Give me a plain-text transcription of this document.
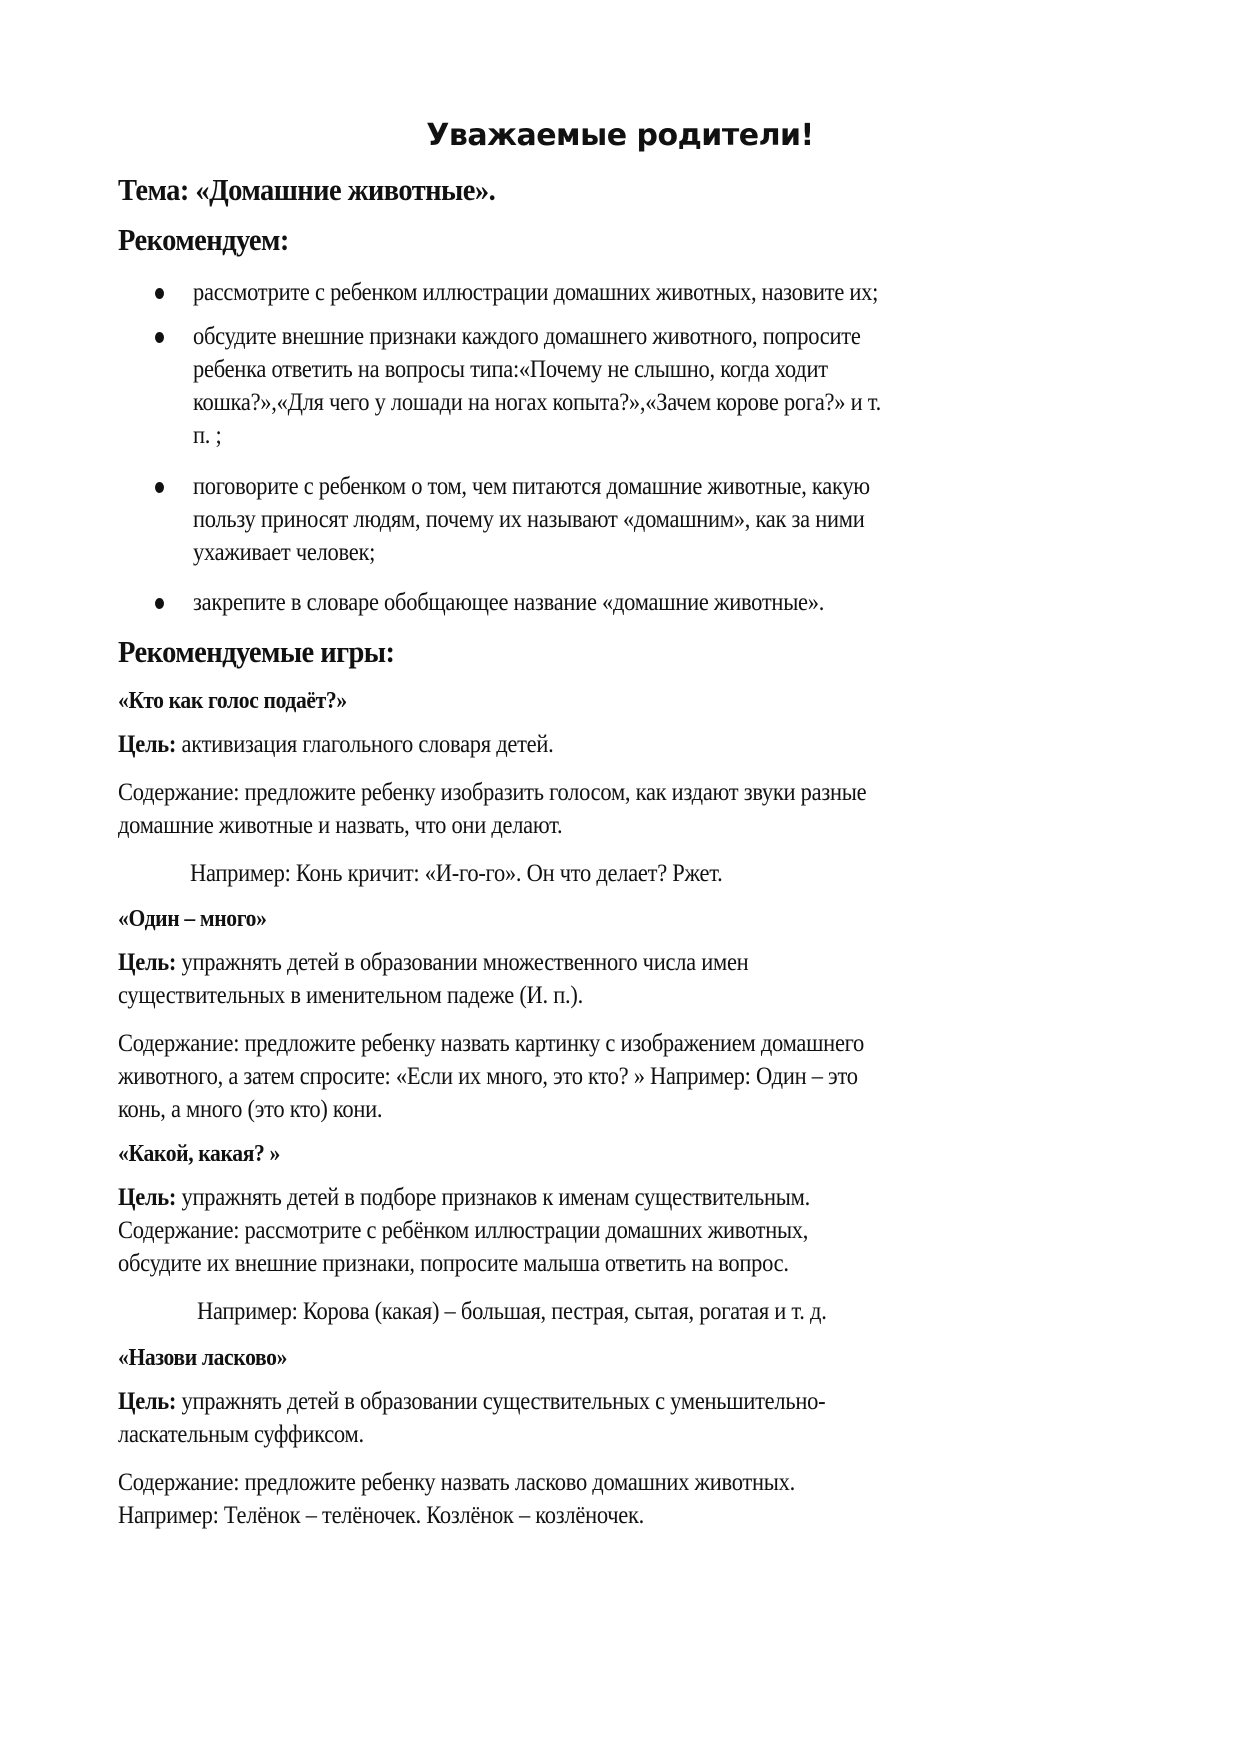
Уважаемые родители!
Тема: «Домашние животные».
Рекомендуем:
рассмотрите с ребенком иллюстрации домашних животных, назовите их;
обсудите внешние признаки каждого домашнего животного, попросите
ребенка ответить на вопросы типа:«Почему не слышно, когда ходит
кошка?»,«Для чего у лошади на ногах копыта?»,«Зачем корове рога?» и т.
п. ;
поговорите с ребенком о том, чем питаются домашние животные, какую
пользу приносят людям, почему их называют «домашним», как за ними
ухаживает человек;
закрепите в словаре обобщающее название «домашние животные».
Рекомендуемые игры:
«Кто как голос подаёт?»
Цель: активизация глагольного словаря детей.
Содержание: предложите ребенку изобразить голосом, как издают звуки разные
домашние животные и назвать, что они делают.
Например: Конь кричит: «И-го-го». Он что делает? Ржет.
«Один – много»
Цель: упражнять детей в образовании множественного числа имен
существительных в именительном падеже (И. п.).
Содержание: предложите ребенку назвать картинку с изображением домашнего
животного, а затем спросите: «Если их много, это кто? » Например: Один – это
конь, а много (это кто) кони.
«Какой, какая? »
Цель: упражнять детей в подборе признаков к именам существительным.
Содержание: рассмотрите с ребёнком иллюстрации домашних животных,
обсудите их внешние признаки, попросите малыша ответить на вопрос.
Например: Корова (какая) – большая, пестрая, сытая, рогатая и т. д.
«Назови ласково»
Цель: упражнять детей в образовании существительных с уменьшительно-
ласкательным суффиксом.
Содержание: предложите ребенку назвать ласково домашних животных.
Например: Телёнок – телёночек. Козлёнок – козлёночек.
